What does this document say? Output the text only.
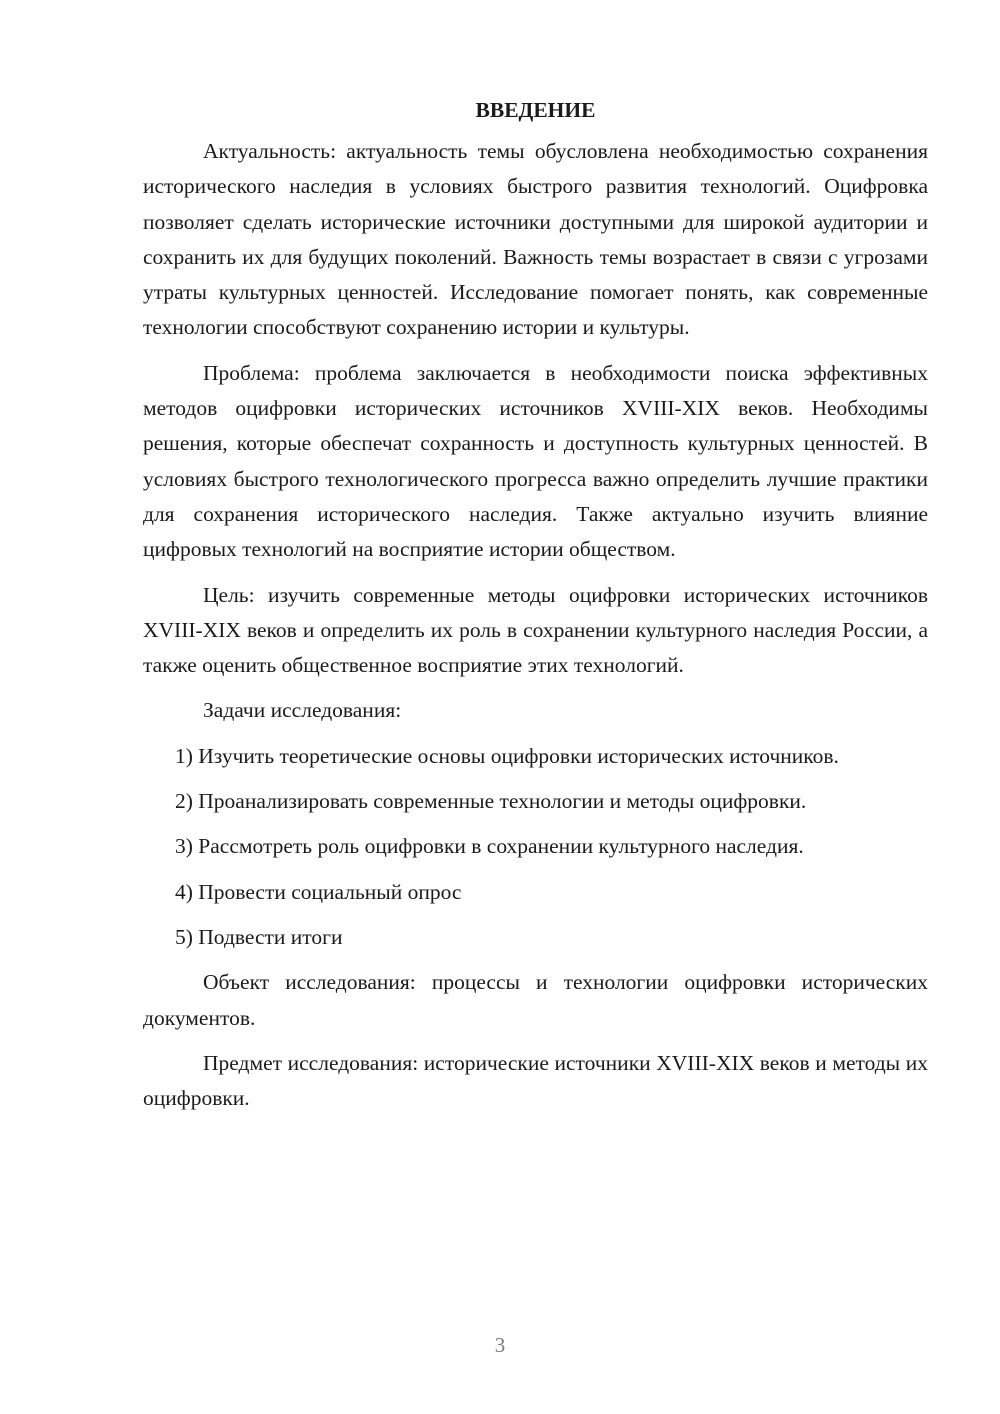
ВВЕДЕНИЕ

Актуальность: актуальность темы обусловлена необходимостью сохранения исторического наследия в условиях быстрого развития технологий. Оцифровка позволяет сделать исторические источники доступными для широкой аудитории и сохранить их для будущих поколений. Важность темы возрастает в связи с угрозами утраты культурных ценностей. Исследование помогает понять, как современные технологии способствуют сохранению истории и культуры.

Проблема: проблема заключается в необходимости поиска эффективных методов оцифровки исторических источников XVIII-XIX веков. Необходимы решения, которые обеспечат сохранность и доступность культурных ценностей. В условиях быстрого технологического прогресса важно определить лучшие практики для сохранения исторического наследия. Также актуально изучить влияние цифровых технологий на восприятие истории обществом.

Цель: изучить современные методы оцифровки исторических источников XVIII-XIX веков и определить их роль в сохранении культурного наследия России, а также оценить общественное восприятие этих технологий.

Задачи исследования:

1) Изучить теоретические основы оцифровки исторических источников.

2) Проанализировать современные технологии и методы оцифровки.

3) Рассмотреть роль оцифровки в сохранении культурного наследия.

4) Провести социальный опрос

5) Подвести итоги

Объект исследования: процессы и технологии оцифровки исторических документов.

Предмет исследования: исторические источники XVIII-XIX веков и методы их оцифровки.

3
